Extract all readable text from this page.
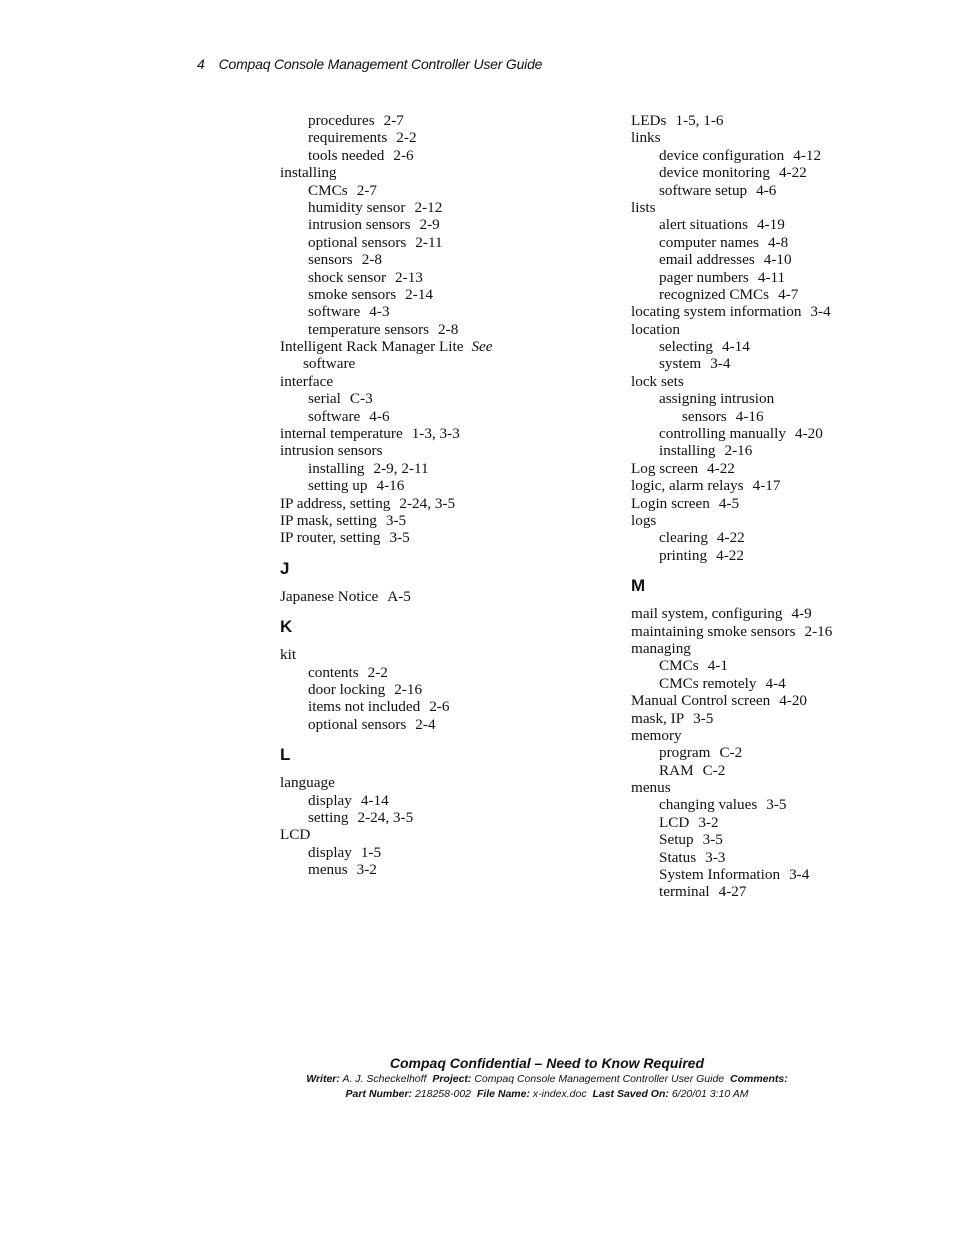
4 Compaq Console Management Controller User Guide
procedures 2-7
requirements 2-2
tools needed 2-6
installing
CMCs 2-7
humidity sensor 2-12
intrusion sensors 2-9
optional sensors 2-11
sensors 2-8
shock sensor 2-13
smoke sensors 2-14
software 4-3
temperature sensors 2-8
Intelligent Rack Manager Lite See
software
interface
serial C-3
software 4-6
internal temperature 1-3, 3-3
intrusion sensors
installing 2-9, 2-11
setting up 4-16
IP address, setting 2-24, 3-5
IP mask, setting 3-5
IP router, setting 3-5
J
Japanese Notice A-5
K
kit
contents 2-2
door locking 2-16
items not included 2-6
optional sensors 2-4
L
language
display 4-14
setting 2-24, 3-5
LCD
display 1-5
menus 3-2
LEDs 1-5, 1-6
links
device configuration 4-12
device monitoring 4-22
software setup 4-6
lists
alert situations 4-19
computer names 4-8
email addresses 4-10
pager numbers 4-11
recognized CMCs 4-7
locating system information 3-4
location
selecting 4-14
system 3-4
lock sets
assigning intrusion
sensors 4-16
controlling manually 4-20
installing 2-16
Log screen 4-22
logic, alarm relays 4-17
Login screen 4-5
logs
clearing 4-22
printing 4-22
M
mail system, configuring 4-9
maintaining smoke sensors 2-16
managing
CMCs 4-1
CMCs remotely 4-4
Manual Control screen 4-20
mask, IP 3-5
memory
program C-2
RAM C-2
menus
changing values 3-5
LCD 3-2
Setup 3-5
Status 3-3
System Information 3-4
terminal 4-27
Compaq Confidential – Need to Know Required
Writer: A. J. Scheckelhoff Project: Compaq Console Management Controller User Guide Comments:
Part Number: 218258-002 File Name: x-index.doc Last Saved On: 6/20/01 3:10 AM
